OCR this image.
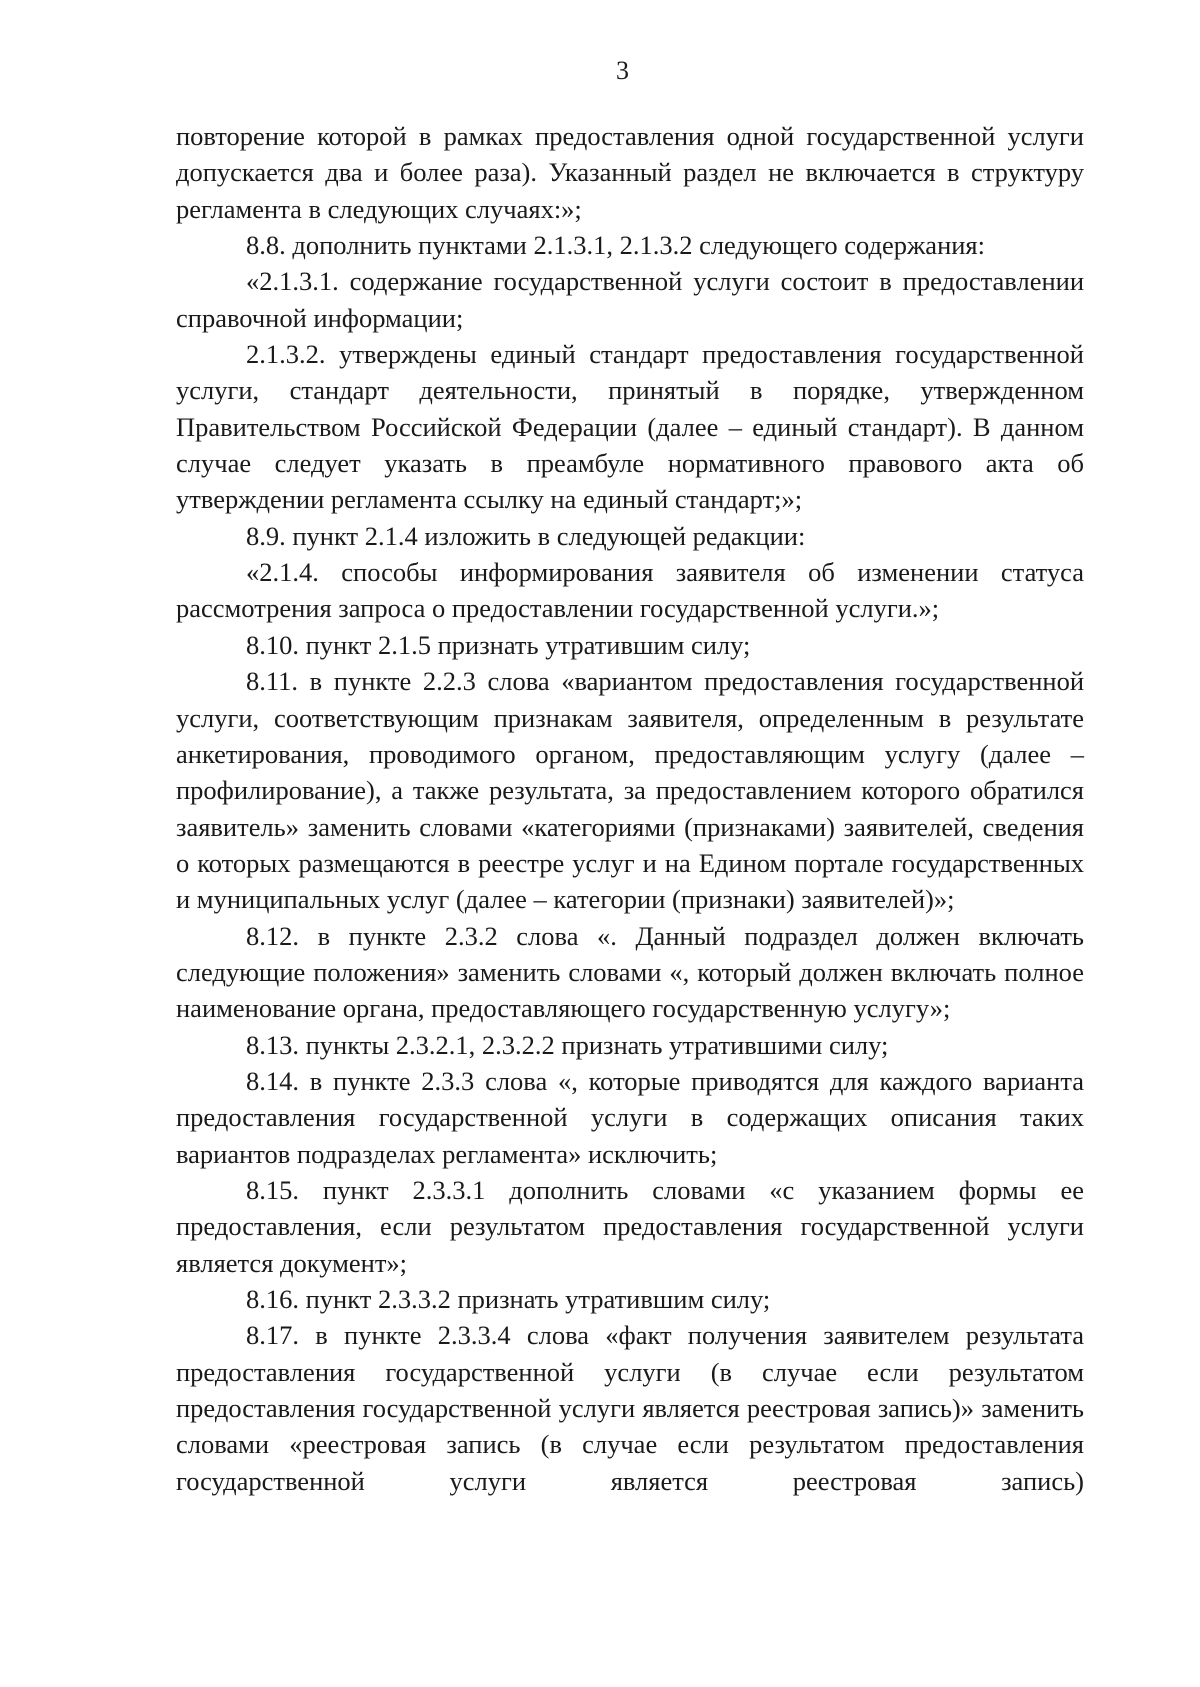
3

повторение которой в рамках предоставления одной государственной услуги допускается два и более раза). Указанный раздел не включается в структуру регламента в следующих случаях:»;

8.8. дополнить пунктами 2.1.3.1, 2.1.3.2 следующего содержания:

«2.1.3.1. содержание государственной услуги состоит в предоставлении справочной информации;

2.1.3.2. утверждены единый стандарт предоставления государственной услуги, стандарт деятельности, принятый в порядке, утвержденном Правительством Российской Федерации (далее – единый стандарт). В данном случае следует указать в преамбуле нормативного правового акта об утверждении регламента ссылку на единый стандарт;»;

8.9. пункт 2.1.4 изложить в следующей редакции:

«2.1.4. способы информирования заявителя об изменении статуса рассмотрения запроса о предоставлении государственной услуги.»;

8.10. пункт 2.1.5 признать утратившим силу;

8.11. в пункте 2.2.3 слова «вариантом предоставления государственной услуги, соответствующим признакам заявителя, определенным в результате анкетирования, проводимого органом, предоставляющим услугу (далее – профилирование), а также результата, за предоставлением которого обратился заявитель» заменить словами «категориями (признаками) заявителей, сведения о которых размещаются в реестре услуг и на Едином портале государственных и муниципальных услуг (далее – категории (признаки) заявителей)»;

8.12. в пункте 2.3.2 слова «. Данный подраздел должен включать следующие положения» заменить словами «, который должен включать полное наименование органа, предоставляющего государственную услугу»;

8.13. пункты 2.3.2.1, 2.3.2.2 признать утратившими силу;

8.14. в пункте 2.3.3 слова «, которые приводятся для каждого варианта предоставления государственной услуги в содержащих описания таких вариантов подразделах регламента» исключить;

8.15. пункт 2.3.3.1 дополнить словами «с указанием формы ее предоставления, если результатом предоставления государственной услуги является документ»;

8.16. пункт 2.3.3.2 признать утратившим силу;

8.17. в пункте 2.3.3.4 слова «факт получения заявителем результата предоставления государственной услуги (в случае если результатом предоставления государственной услуги является реестровая запись)» заменить словами «реестровая запись (в случае если результатом предоставления государственной услуги является реестровая запись)
